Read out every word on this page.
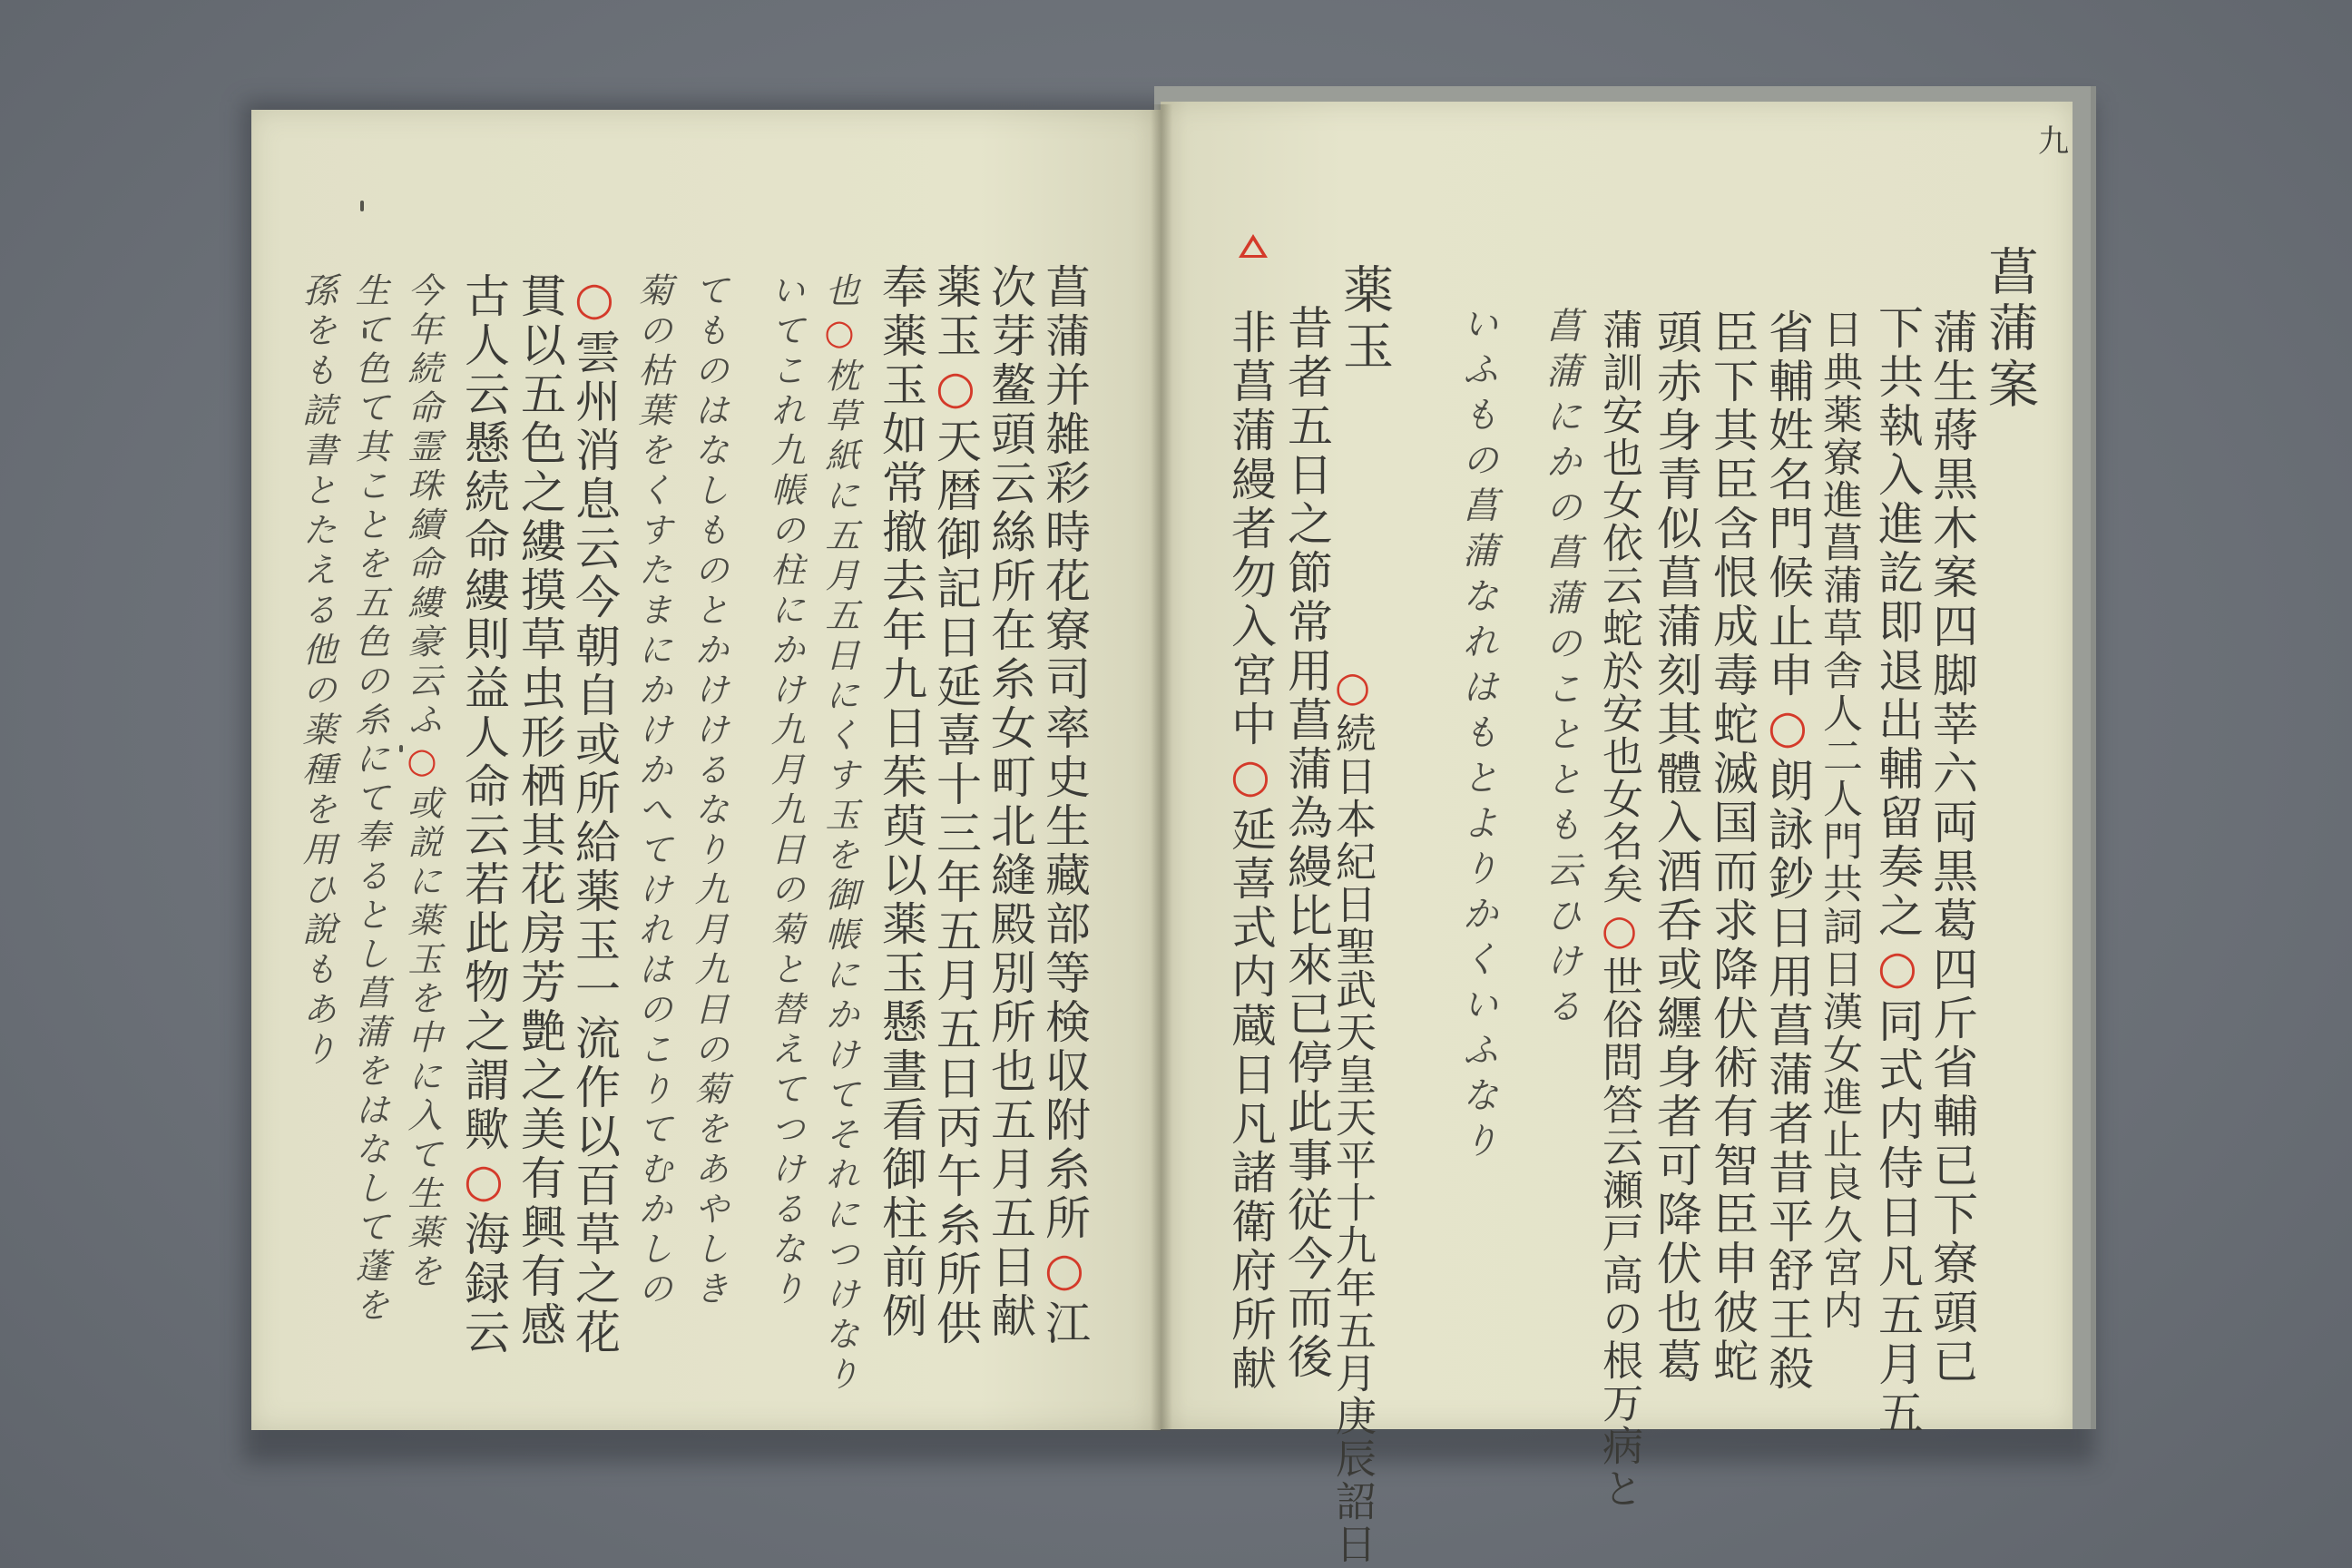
九
菖蒲案
蒲生蔣黒木案四脚莘六両黒葛四斤省輔已下寮頭已
下共執入進訖即退出輔留奏之○同式内侍日凡五月五
日典薬寮進菖蒲草舎人二人門共詞日漢女進止良久宮内
省輔姓名門候止申○朗詠鈔日用菖蒲者昔平舒王殺
臣下其臣含恨成毒蛇滅国而求降伏術有智臣申彼蛇
頭赤身青似菖蒲刻其體入酒呑或纒身者可降伏也葛
蒲訓安也女依云蛇於安也女名矣○世俗問答云瀬戸高の根万病と
菖蒲にかの菖蒲のこととも云ひける
いふもの菖蒲なれはもとよりかくいふなり
薬玉
昔者五日之節常用菖蒲為縵比來已停此事従今而後
非菖蒲縵者勿入宮中○延喜式内蔵日凡諸衛府所献
○続日本紀日聖武天皇天平十九年五月庚辰詔日
菖蒲并雑彩時花寮司率史生藏部等検収附糸所○江
次芽鳌頭云絲所在糸女町北縫殿別所也五月五日献
薬玉○天暦御記日延喜十三年五月五日丙午糸所供
奉薬玉如常撤去年九日茱萸以薬玉懸晝看御柱前例
也○枕草紙に五月五日にくす玉を御帳にかけてそれにつけなり
いてこれ九帳の柱にかけ九月九日の菊と替えてつけるなり
てものはなしものとかけけるなり九月九日の菊をあやしき
菊の枯葉をくすたまにかけかへてけれはのこりてむかしの
○雲州消息云今朝自或所給薬玉一流作以百草之花
貫以五色之縷摸草虫形栖其花房芳艶之美有興有感
古人云懸続命縷則益人命云若此物之謂歟○海録云
今年続命霊珠續命縷豪云ふ○或説に薬玉を中に入て生薬を
生て色て其ことを五色の糸にて奉るとし菖蒲をはなして蓬を
孫をも読書とたえる他の薬種を用ひ說もあり
